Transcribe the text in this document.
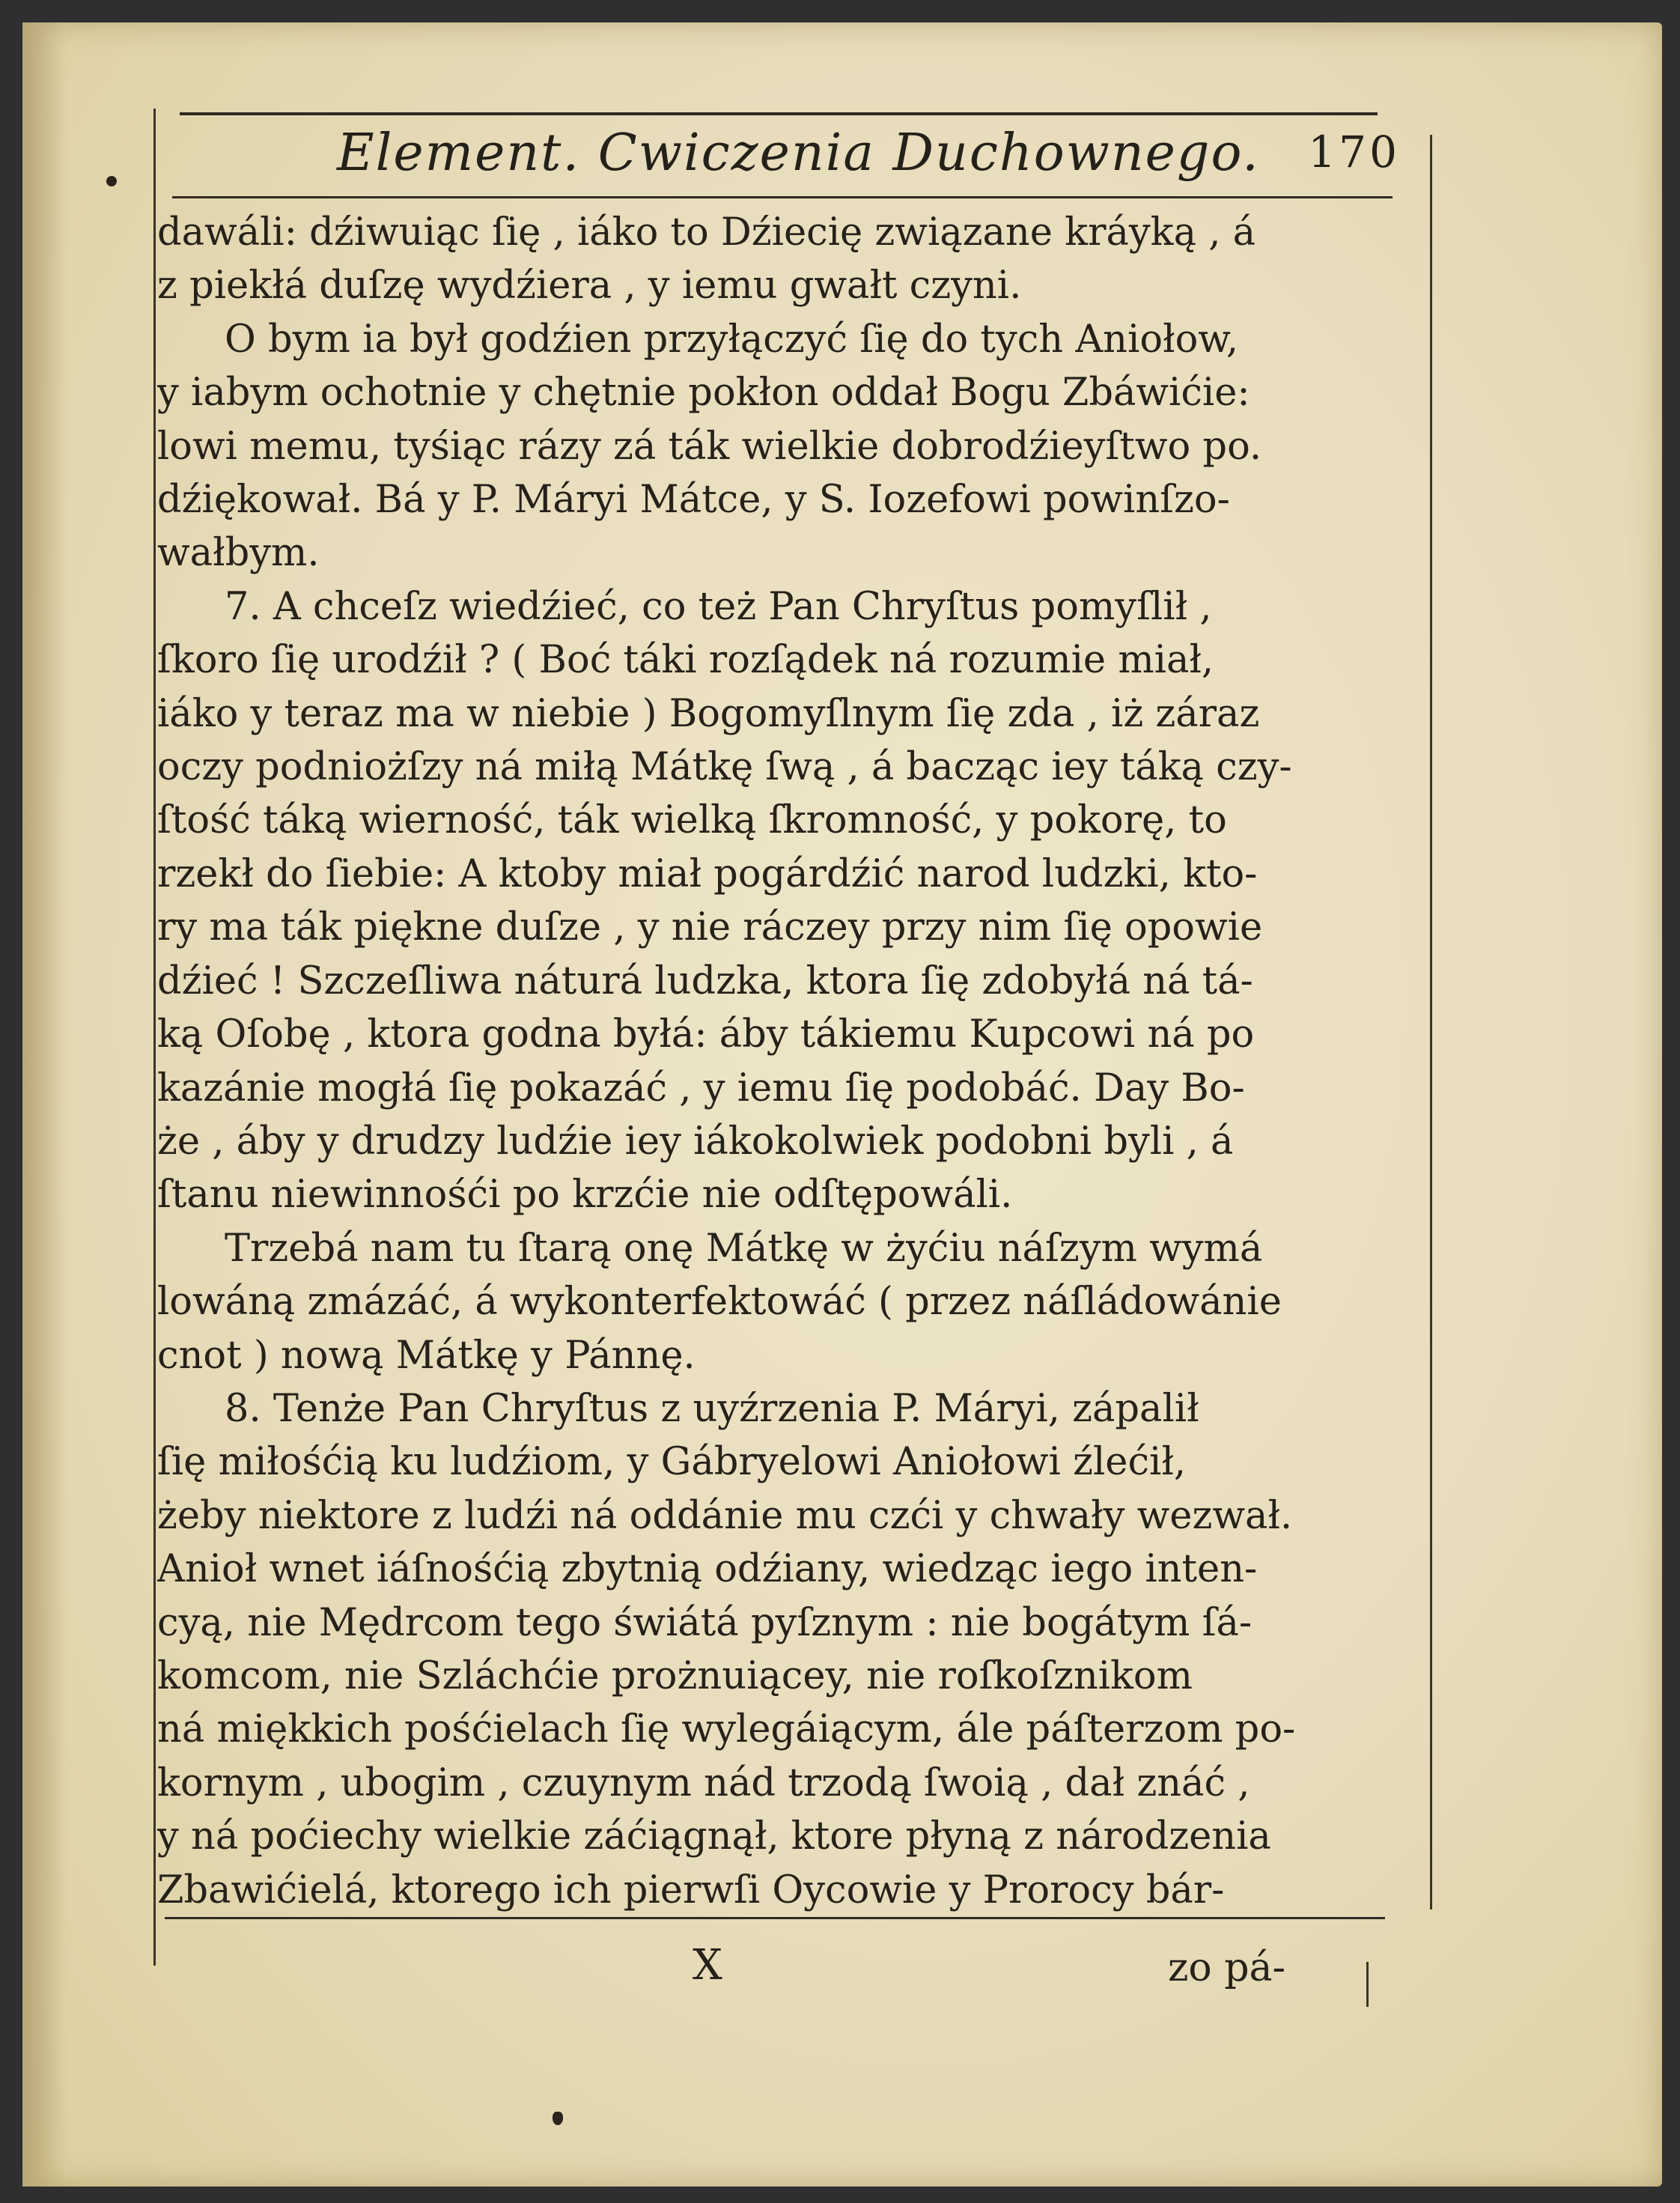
Element. Cwiczenia Duchownego. 170
dawáli: dźiwuiąc ſię , iáko to Dźiecię związane kráyką , á
z piekłá duſzę wydźiera , y iemu gwałt czyni.
O bym ia był godźien przyłączyć ſię do tych Aniołow,
y iabym ochotnie y chętnie pokłon oddał Bogu Zbáwićie:
lowi memu, tyśiąc rázy zá ták wielkie dobrodźieyſtwo po.
dźiękował. Bá y P. Máryi Mátce, y S. Iozefowi powinſzo-
wałbym.
7. A chceſz wiedźieć, co też Pan Chryſtus pomyſlił ,
ſkoro ſię urodźił ? ( Boć táki rozſądek ná rozumie miał,
iáko y teraz ma w niebie ) Bogomyſlnym ſię zda , iż záraz
oczy podniożſzy ná miłą Mátkę ſwą , á bacząc iey táką czy-
ſtość táką wierność, ták wielką ſkromność, y pokorę, to
rzekł do ſiebie: A ktoby miał pogárdźić narod ludzki, kto-
ry ma ták piękne duſze , y nie ráczey przy nim ſię opowie
dźieć ! Szczeſliwa náturá ludzka, ktora ſię zdobyłá ná tá-
ką Oſobę , ktora godna byłá: áby tákiemu Kupcowi ná po
kazánie mogłá ſię pokazáć , y iemu ſię podobáć. Day Bo-
że , áby y drudzy ludźie iey iákokolwiek podobni byli , á
ſtanu niewinnośći po krzćie nie odſtępowáli.
Trzebá nam tu ſtarą onę Mátkę w żyćiu náſzym wymá
lowáną zmázáć, á wykonterfektowáć ( przez náſládowánie
cnot ) nową Mátkę y Pánnę.
8. Tenże Pan Chryſtus z uyźrzenia P. Máryi, zápalił
ſię miłośćią ku ludźiom, y Gábryelowi Aniołowi źlećił,
żeby niektore z ludźi ná oddánie mu czći y chwały wezwał.
Anioł wnet iáſnośćią zbytnią odźiany, wiedząc iego inten-
cyą, nie Mędrcom tego świátá pyſznym : nie bogátym ſá-
komcom, nie Szláchćie prożnuiącey, nie roſkoſznikom
ná miękkich pośćielach ſię wylegáiącym, ále páſterzom po-
kornym , ubogim , czuynym nád trzodą ſwoią , dał znáć ,
y ná poćiechy wielkie záćiągnął, ktore płyną z národzenia
Zbawićielá, ktorego ich pierwſi Oycowie y Prorocy bár-
X	zo pá-
